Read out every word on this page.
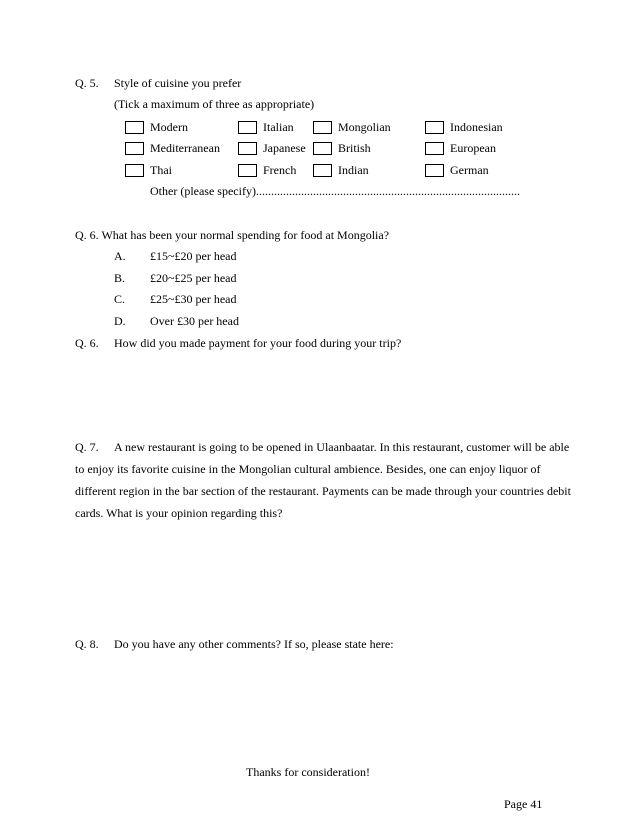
Q. 5. Style of cuisine you prefer
(Tick a maximum of three as appropriate)
Modern	Italian	Mongolian	Indonesian
Mediterranean	Japanese	British	European
Thai	French	Indian	German
Other (please specify)........................................................................................
Q. 6. What has been your normal spending for food at Mongolia?
A. £15~£20 per head
B. £20~£25 per head
C. £25~£30 per head
D. Over £30 per head
Q. 6. How did you made payment for your food during your trip?
Q. 7. A new restaurant is going to be opened in Ulaanbaatar. In this restaurant, customer will be able to enjoy its favorite cuisine in the Mongolian cultural ambience. Besides, one can enjoy liquor of different region in the bar section of the restaurant. Payments can be made through your countries debit cards. What is your opinion regarding this?
Q. 8. Do you have any other comments? If so, please state here:
Thanks for consideration!
Page 41
